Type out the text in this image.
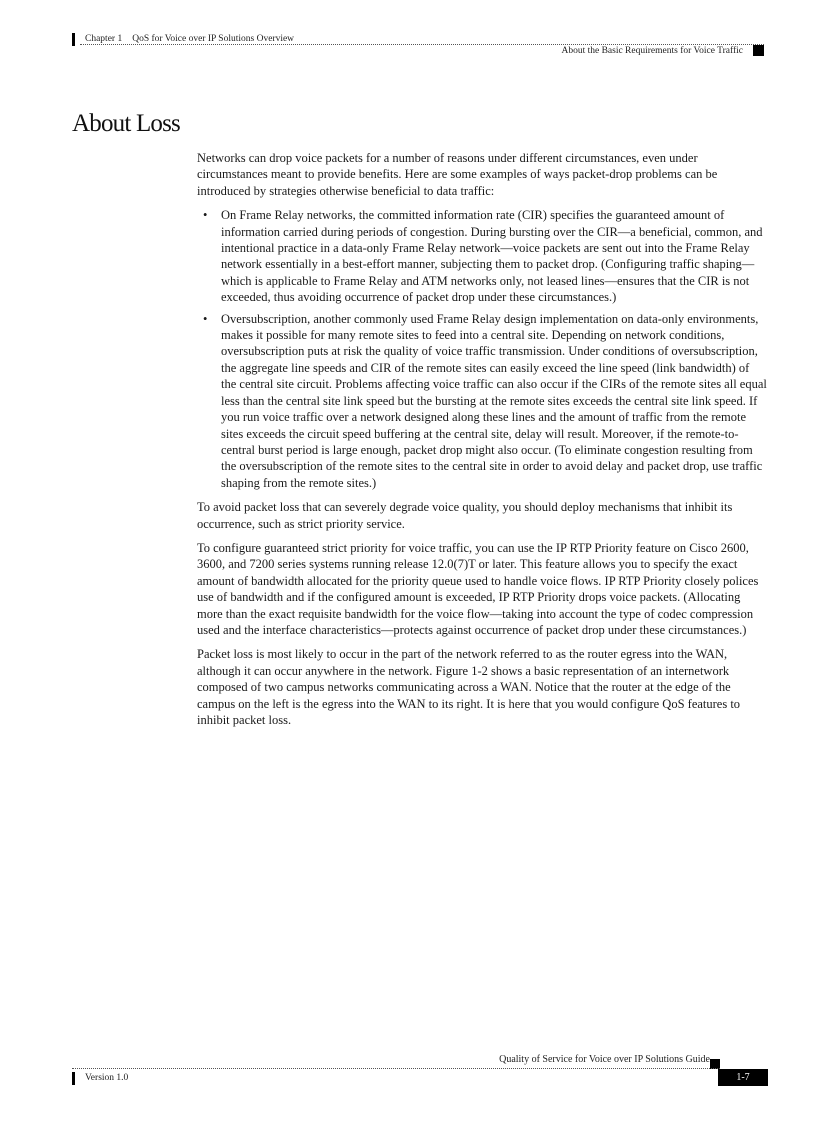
Chapter 1 QoS for Voice over IP Solutions Overview
About the Basic Requirements for Voice Traffic
About Loss

Networks can drop voice packets for a number of reasons under different circumstances, even under circumstances meant to provide benefits. Here are some examples of ways packet-drop problems can be introduced by strategies otherwise beneficial to data traffic:

• On Frame Relay networks, the committed information rate (CIR) specifies the guaranteed amount of information carried during periods of congestion. During bursting over the CIR—a beneficial, common, and intentional practice in a data-only Frame Relay network—voice packets are sent out into the Frame Relay network essentially in a best-effort manner, subjecting them to packet drop. (Configuring traffic shaping—which is applicable to Frame Relay and ATM networks only, not leased lines—ensures that the CIR is not exceeded, thus avoiding occurrence of packet drop under these circumstances.)
• Oversubscription, another commonly used Frame Relay design implementation on data-only environments, makes it possible for many remote sites to feed into a central site. Depending on network conditions, oversubscription puts at risk the quality of voice traffic transmission. Under conditions of oversubscription, the aggregate line speeds and CIR of the remote sites can easily exceed the line speed (link bandwidth) of the central site circuit. Problems affecting voice traffic can also occur if the CIRs of the remote sites all equal less than the central site link speed but the bursting at the remote sites exceeds the central site link speed. If you run voice traffic over a network designed along these lines and the amount of traffic from the remote sites exceeds the circuit speed buffering at the central site, delay will result. Moreover, if the remote-to-central burst period is large enough, packet drop might also occur. (To eliminate congestion resulting from the oversubscription of the remote sites to the central site in order to avoid delay and packet drop, use traffic shaping from the remote sites.)

To avoid packet loss that can severely degrade voice quality, you should deploy mechanisms that inhibit its occurrence, such as strict priority service.

To configure guaranteed strict priority for voice traffic, you can use the IP RTP Priority feature on Cisco 2600, 3600, and 7200 series systems running release 12.0(7)T or later. This feature allows you to specify the exact amount of bandwidth allocated for the priority queue used to handle voice flows. IP RTP Priority closely polices use of bandwidth and if the configured amount is exceeded, IP RTP Priority drops voice packets. (Allocating more than the exact requisite bandwidth for the voice flow—taking into account the type of codec compression used and the interface characteristics—protects against occurrence of packet drop under these circumstances.)

Packet loss is most likely to occur in the part of the network referred to as the router egress into the WAN, although it can occur anywhere in the network. Figure 1-2 shows a basic representation of an internetwork composed of two campus networks communicating across a WAN. Notice that the router at the edge of the campus on the left is the egress into the WAN to its right. It is here that you would configure QoS features to inhibit packet loss.

Quality of Service for Voice over IP Solutions Guide
Version 1.0	1-7
